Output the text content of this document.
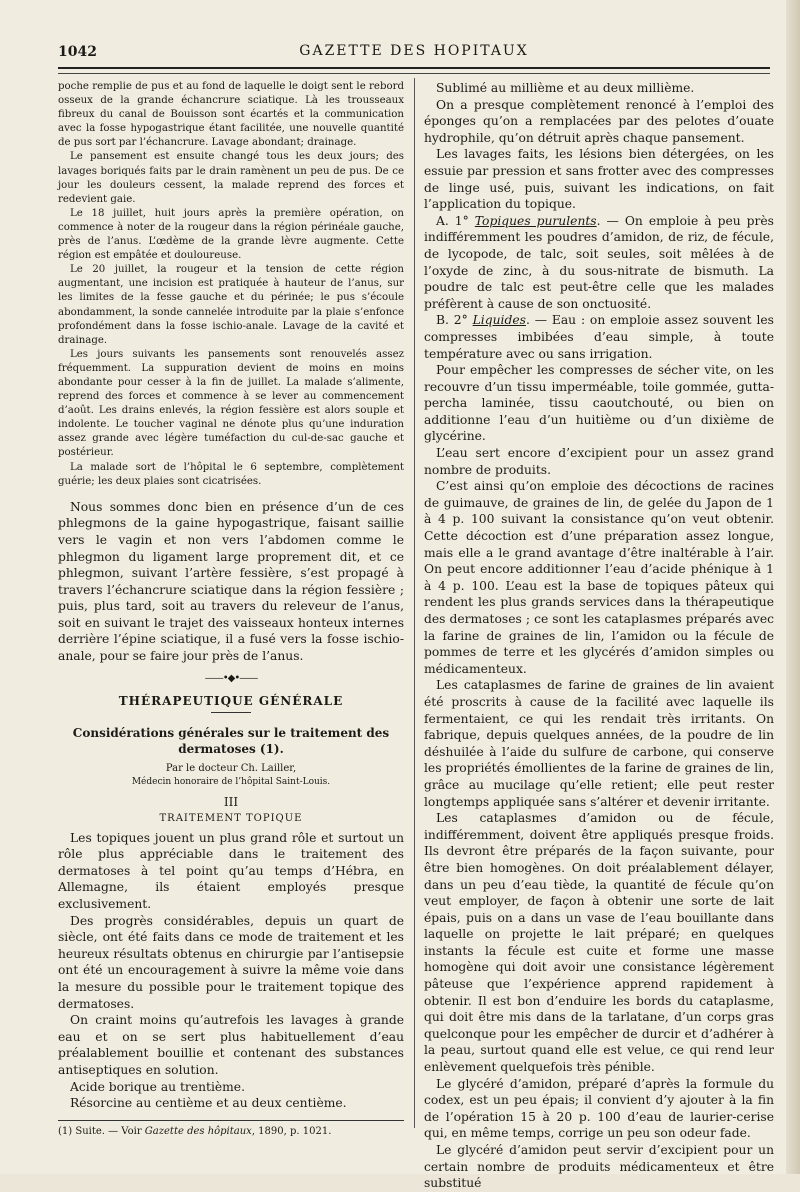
1042	GAZETTE DES HOPITAUX

poche remplie de pus et au fond de laquelle le doigt sent le rebord osseux de la grande échancrure sciatique. Là les trousseaux fibreux du canal de Bouisson sont écartés et la communication avec la fosse hypogastrique étant facilitée, une nouvelle quantité de pus sort par l’échancrure. Lavage abondant; drainage.

Le pansement est ensuite changé tous les deux jours; des lavages boriqués faits par le drain ramènent un peu de pus. De ce jour les douleurs cessent, la malade reprend des forces et redevient gaie.

Le 18 juillet, huit jours après la première opération, on commence à noter de la rougeur dans la région périnéale gauche, près de l’anus. L’œdème de la grande lèvre augmente. Cette région est empâtée et douloureuse.

Le 20 juillet, la rougeur et la tension de cette région augmentant, une incision est pratiquée à hauteur de l’anus, sur les limites de la fesse gauche et du périnée; le pus s’écoule abondamment, la sonde cannelée introduite par la plaie s’enfonce profondément dans la fosse ischio-anale. Lavage de la cavité et drainage.

Les jours suivants les pansements sont renouvelés assez fréquemment. La suppuration devient de moins en moins abondante pour cesser à la fin de juillet. La malade s’alimente, reprend des forces et commence à se lever au commencement d’août. Les drains enlevés, la région fessière est alors souple et indolente. Le toucher vaginal ne dénote plus qu’une induration assez grande avec légère tuméfaction du cul-de-sac gauche et postérieur.

La malade sort de l’hôpital le 6 septembre, complètement guérie; les deux plaies sont cicatrisées.

Nous sommes donc bien en présence d’un de ces phlegmons de la gaine hypogastrique, faisant saillie vers le vagin et non vers l’abdomen comme le phlegmon du ligament large proprement dit, et ce phlegmon, suivant l’artère fessière, s’est propagé à travers l’échancrure sciatique dans la région fessière ; puis, plus tard, soit au travers du releveur de l’anus, soit en suivant le trajet des vaisseaux honteux internes derrière l’épine sciatique, il a fusé vers la fosse ischio-anale, pour se faire jour près de l’anus.

——•◆•——
THÉRAPEUTIQUE GÉNÉRALE
Considérations générales sur le traitement des dermatoses (1).
Par le docteur Ch. Lailler,
Médecin honoraire de l’hôpital Saint-Louis.
III
TRAITEMENT TOPIQUE

Les topiques jouent un plus grand rôle et surtout un rôle plus appréciable dans le traitement des dermatoses à tel point qu’au temps d’Hébra, en Allemagne, ils étaient employés presque exclusivement.

Des progrès considérables, depuis un quart de siècle, ont été faits dans ce mode de traitement et les heureux résultats obtenus en chirurgie par l’antisepsie ont été un encouragement à suivre la même voie dans la mesure du possible pour le traitement topique des dermatoses.

On craint moins qu’autrefois les lavages à grande eau et on se sert plus habituellement d’eau préalablement bouillie et contenant des substances antiseptiques en solution.

Acide borique au trentième.

Résorcine au centième et au deux centième.

(1) Suite. — Voir Gazette des hôpitaux, 1890, p. 1021.

Sublimé au millième et au deux millième.

On a presque complètement renoncé à l’emploi des éponges qu’on a remplacées par des pelotes d’ouate hydrophile, qu’on détruit après chaque pansement.

Les lavages faits, les lésions bien détergées, on les essuie par pression et sans frotter avec des compresses de linge usé, puis, suivant les indications, on fait l’application du topique.

A. 1° Topiques purulents. — On emploie à peu près indifféremment les poudres d’amidon, de riz, de fécule, de lycopode, de talc, soit seules, soit mêlées à de l’oxyde de zinc, à du sous-nitrate de bismuth. La poudre de talc est peut-être celle que les malades préfèrent à cause de son onctuosité.

B. 2° Liquides. — Eau : on emploie assez souvent les compresses imbibées d’eau simple, à toute température avec ou sans irrigation.

Pour empêcher les compresses de sécher vite, on les recouvre d’un tissu imperméable, toile gommée, gutta-percha laminée, tissu caoutchouté, ou bien on additionne l’eau d’un huitième ou d’un dixième de glycérine.

L’eau sert encore d’excipient pour un assez grand nombre de produits.

C’est ainsi qu’on emploie des décoctions de racines de guimauve, de graines de lin, de gelée du Japon de 1 à 4 p. 100 suivant la consistance qu’on veut obtenir. Cette décoction est d’une préparation assez longue, mais elle a le grand avantage d’être inaltérable à l’air. On peut encore additionner l’eau d’acide phénique à 1 à 4 p. 100. L’eau est la base de topiques pâteux qui rendent les plus grands services dans la thérapeutique des dermatoses ; ce sont les cataplasmes préparés avec la farine de graines de lin, l’amidon ou la fécule de pommes de terre et les glycérés d’amidon simples ou médicamenteux.

Les cataplasmes de farine de graines de lin avaient été proscrits à cause de la facilité avec laquelle ils fermentaient, ce qui les rendait très irritants. On fabrique, depuis quelques années, de la poudre de lin déshuilée à l’aide du sulfure de carbone, qui conserve les propriétés émollientes de la farine de graines de lin, grâce au mucilage qu’elle retient; elle peut rester longtemps appliquée sans s’altérer et devenir irritante.

Les cataplasmes d’amidon ou de fécule, indifféremment, doivent être appliqués presque froids. Ils devront être préparés de la façon suivante, pour être bien homogènes. On doit préalablement délayer, dans un peu d’eau tiède, la quantité de fécule qu’on veut employer, de façon à obtenir une sorte de lait épais, puis on a dans un vase de l’eau bouillante dans laquelle on projette le lait préparé; en quelques instants la fécule est cuite et forme une masse homogène qui doit avoir une consistance légèrement pâteuse que l’expérience apprend rapidement à obtenir. Il est bon d’enduire les bords du cataplasme, qui doit être mis dans de la tarlatane, d’un corps gras quelconque pour les empêcher de durcir et d’adhérer à la peau, surtout quand elle est velue, ce qui rend leur enlèvement quelquefois très pénible.

Le glycéré d’amidon, préparé d’après la formule du codex, est un peu épais; il convient d’y ajouter à la fin de l’opération 15 à 20 p. 100 d’eau de laurier-cerise qui, en même temps, corrige un peu son odeur fade.

Le glycéré d’amidon peut servir d’excipient pour un certain nombre de produits médicamenteux et être substitué
